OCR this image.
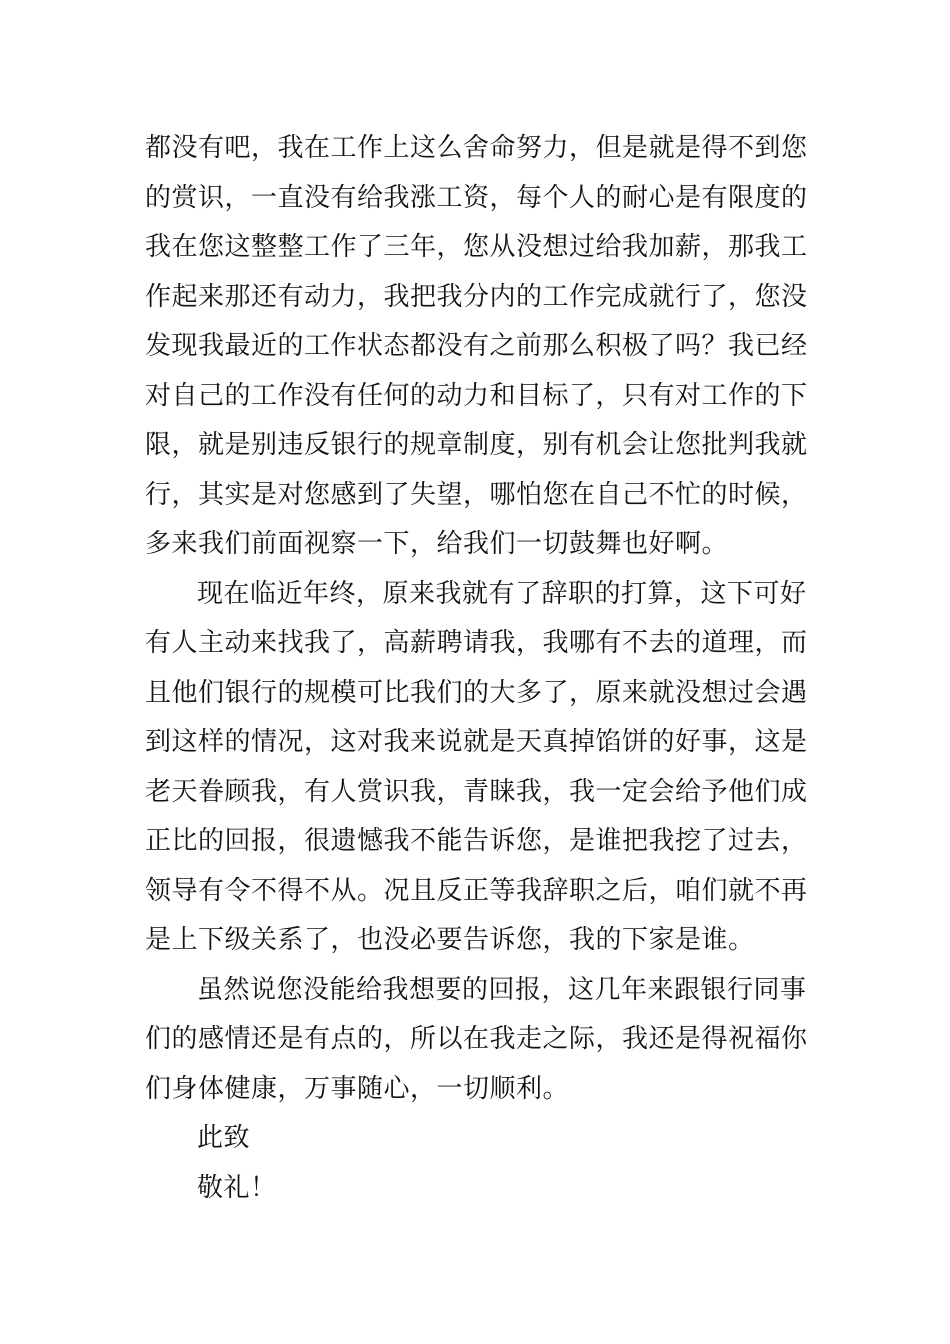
都没有吧，我在工作上这么舍命努力，但是就是得不到您
的赏识，一直没有给我涨工资，每个人的耐心是有限度的
我在您这整整工作了三年，您从没想过给我加薪，那我工
作起来那还有动力，我把我分内的工作完成就行了，您没
发现我最近的工作状态都没有之前那么积极了吗？我已经
对自己的工作没有任何的动力和目标了，只有对工作的下
限，就是别违反银行的规章制度，别有机会让您批判我就
行，其实是对您感到了失望，哪怕您在自己不忙的时候，
多来我们前面视察一下，给我们一切鼓舞也好啊。
现在临近年终，原来我就有了辞职的打算，这下可好
有人主动来找我了，高薪聘请我，我哪有不去的道理，而
且他们银行的规模可比我们的大多了，原来就没想过会遇
到这样的情况，这对我来说就是天真掉馅饼的好事，这是
老天眷顾我，有人赏识我，青睐我，我一定会给予他们成
正比的回报，很遗憾我不能告诉您，是谁把我挖了过去，
领导有令不得不从。况且反正等我辞职之后，咱们就不再
是上下级关系了，也没必要告诉您，我的下家是谁。
虽然说您没能给我想要的回报，这几年来跟银行同事
们的感情还是有点的，所以在我走之际，我还是得祝福你
们身体健康，万事随心，一切顺利。
此致
敬礼！
